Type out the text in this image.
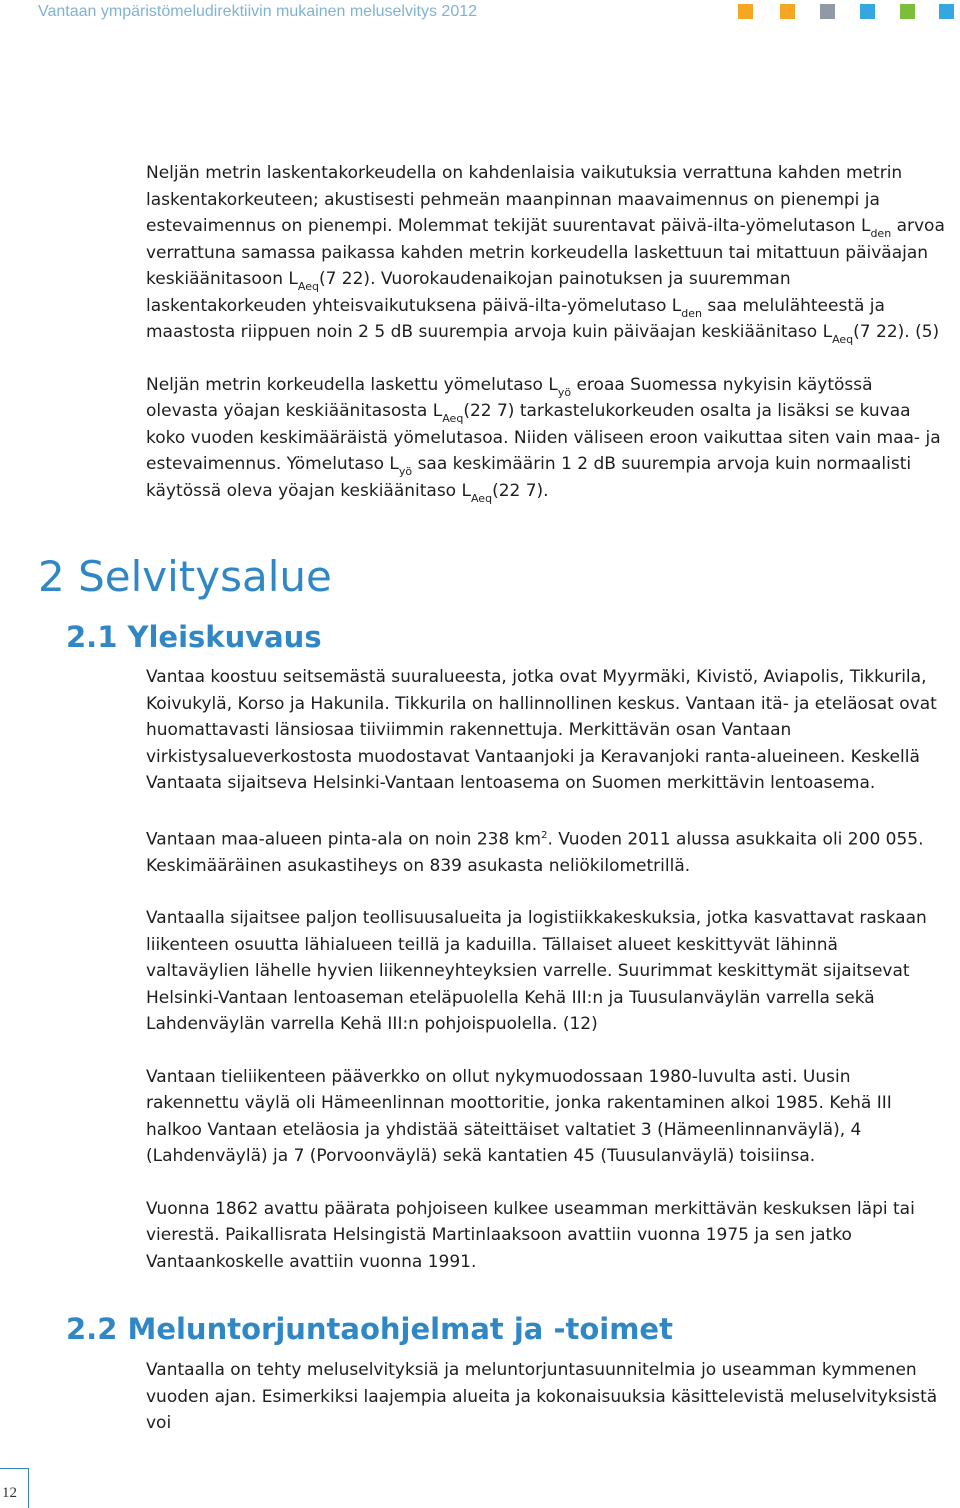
Vantaan ympäristömeludirektiivin mukainen meluselvitys 2012

Neljän metrin laskentakorkeudella on kahdenlaisia vaikutuksia verrattuna kahden metrin laskentakorkeuteen; akustisesti pehmeän maanpinnan maavaimennus on pienempi ja estevaimennus on pienempi. Molemmat tekijät suurentavat päivä-ilta-yömelutason $L_{den}$ arvoa verrattuna samassa paikassa kahden metrin korkeudella laskettuun tai mitattuun päiväajan keskiäänitasoon $L_{Aeq}(7$ 22). Vuorokaudenaikojan painotuksen ja suuremman laskentakorkeuden yhteisvaikutuksena päivä-ilta-yömelutaso $L_{den}$ saa melulähteestä ja maastosta riippuen noin 2 5 dB suurempia arvoja kuin päiväajan keskiäänitaso $L_{Aeq}(7$ 22). (5)

Neljän metrin korkeudella laskettu yömelutaso $L_{yö}$ eroaa Suomessa nykyisin käytössä olevasta yöajan keskiäänitasosta $L_{Aeq}(22$ 7) tarkastelukorkeuden osalta ja lisäksi se kuvaa koko vuoden keskimääräistä yömelutasoa. Niiden väliseen eroon vaikuttaa siten vain maa- ja estevaimennus. Yömelutaso $L_{yö}$ saa keskimäärin 1 2 dB suurempia arvoja kuin normaalisti käytössä oleva yöajan keskiäänitaso $L_{Aeq}(22$ 7).

2 Selvitysalue
2.1 Yleiskuvaus

Vantaa koostuu seitsemästä suuralueesta, jotka ovat Myyrmäki, Kivistö, Aviapolis, Tikkurila, Koivukylä, Korso ja Hakunila. Tikkurila on hallinnollinen keskus. Vantaan itä- ja eteläosat ovat huomattavasti länsiosaa tiiviimmin rakennettuja. Merkittävän osan Vantaan virkistysalueverkostosta muodostavat Vantaanjoki ja Keravanjoki ranta-alueineen. Keskellä Vantaata sijaitseva Helsinki-Vantaan lentoasema on Suomen merkittävin lentoasema.

Vantaan maa-alueen pinta-ala on noin 238 $km^2$. Vuoden 2011 alussa asukkaita oli 200 055. Keskimääräinen asukastiheys on 839 asukasta neliökilometrillä.

Vantaalla sijaitsee paljon teollisuusalueita ja logistiikkakeskuksia, jotka kasvattavat raskaan liikenteen osuutta lähialueen teillä ja kaduilla. Tällaiset alueet keskittyvät lähinnä valtaväylien lähelle hyvien liikenneyhteyksien varrelle. Suurimmat keskittymät sijaitsevat Helsinki-Vantaan lentoaseman eteläpuolella Kehä III:n ja Tuusulanväylän varrella sekä Lahdenväylän varrella Kehä III:n pohjoispuolella. (12)

Vantaan tieliikenteen pääverkko on ollut nykymuodossaan 1980-luvulta asti. Uusin rakennettu väylä oli Hämeenlinnan moottoritie, jonka rakentaminen alkoi 1985. Kehä III halkoo Vantaan eteläosia ja yhdistää säteittäiset valtatiet 3 (Hämeenlinnanväylä), 4 (Lahdenväylä) ja 7 (Porvoonväylä) sekä kantatien 45 (Tuusulanväylä) toisiinsa.

Vuonna 1862 avattu päärata pohjoiseen kulkee useamman merkittävän keskuksen läpi tai vierestä. Paikallisrata Helsingistä Martinlaaksoon avattiin vuonna 1975 ja sen jatko Vantaankoskelle avattiin vuonna 1991.

2.2 Meluntorjuntaohjelmat ja -toimet

Vantaalla on tehty meluselvityksiä ja meluntorjuntasuunnitelmia jo useamman kymmenen vuoden ajan. Esimerkiksi laajempia alueita ja kokonaisuuksia käsittelevistä meluselvityksistä voi

12
